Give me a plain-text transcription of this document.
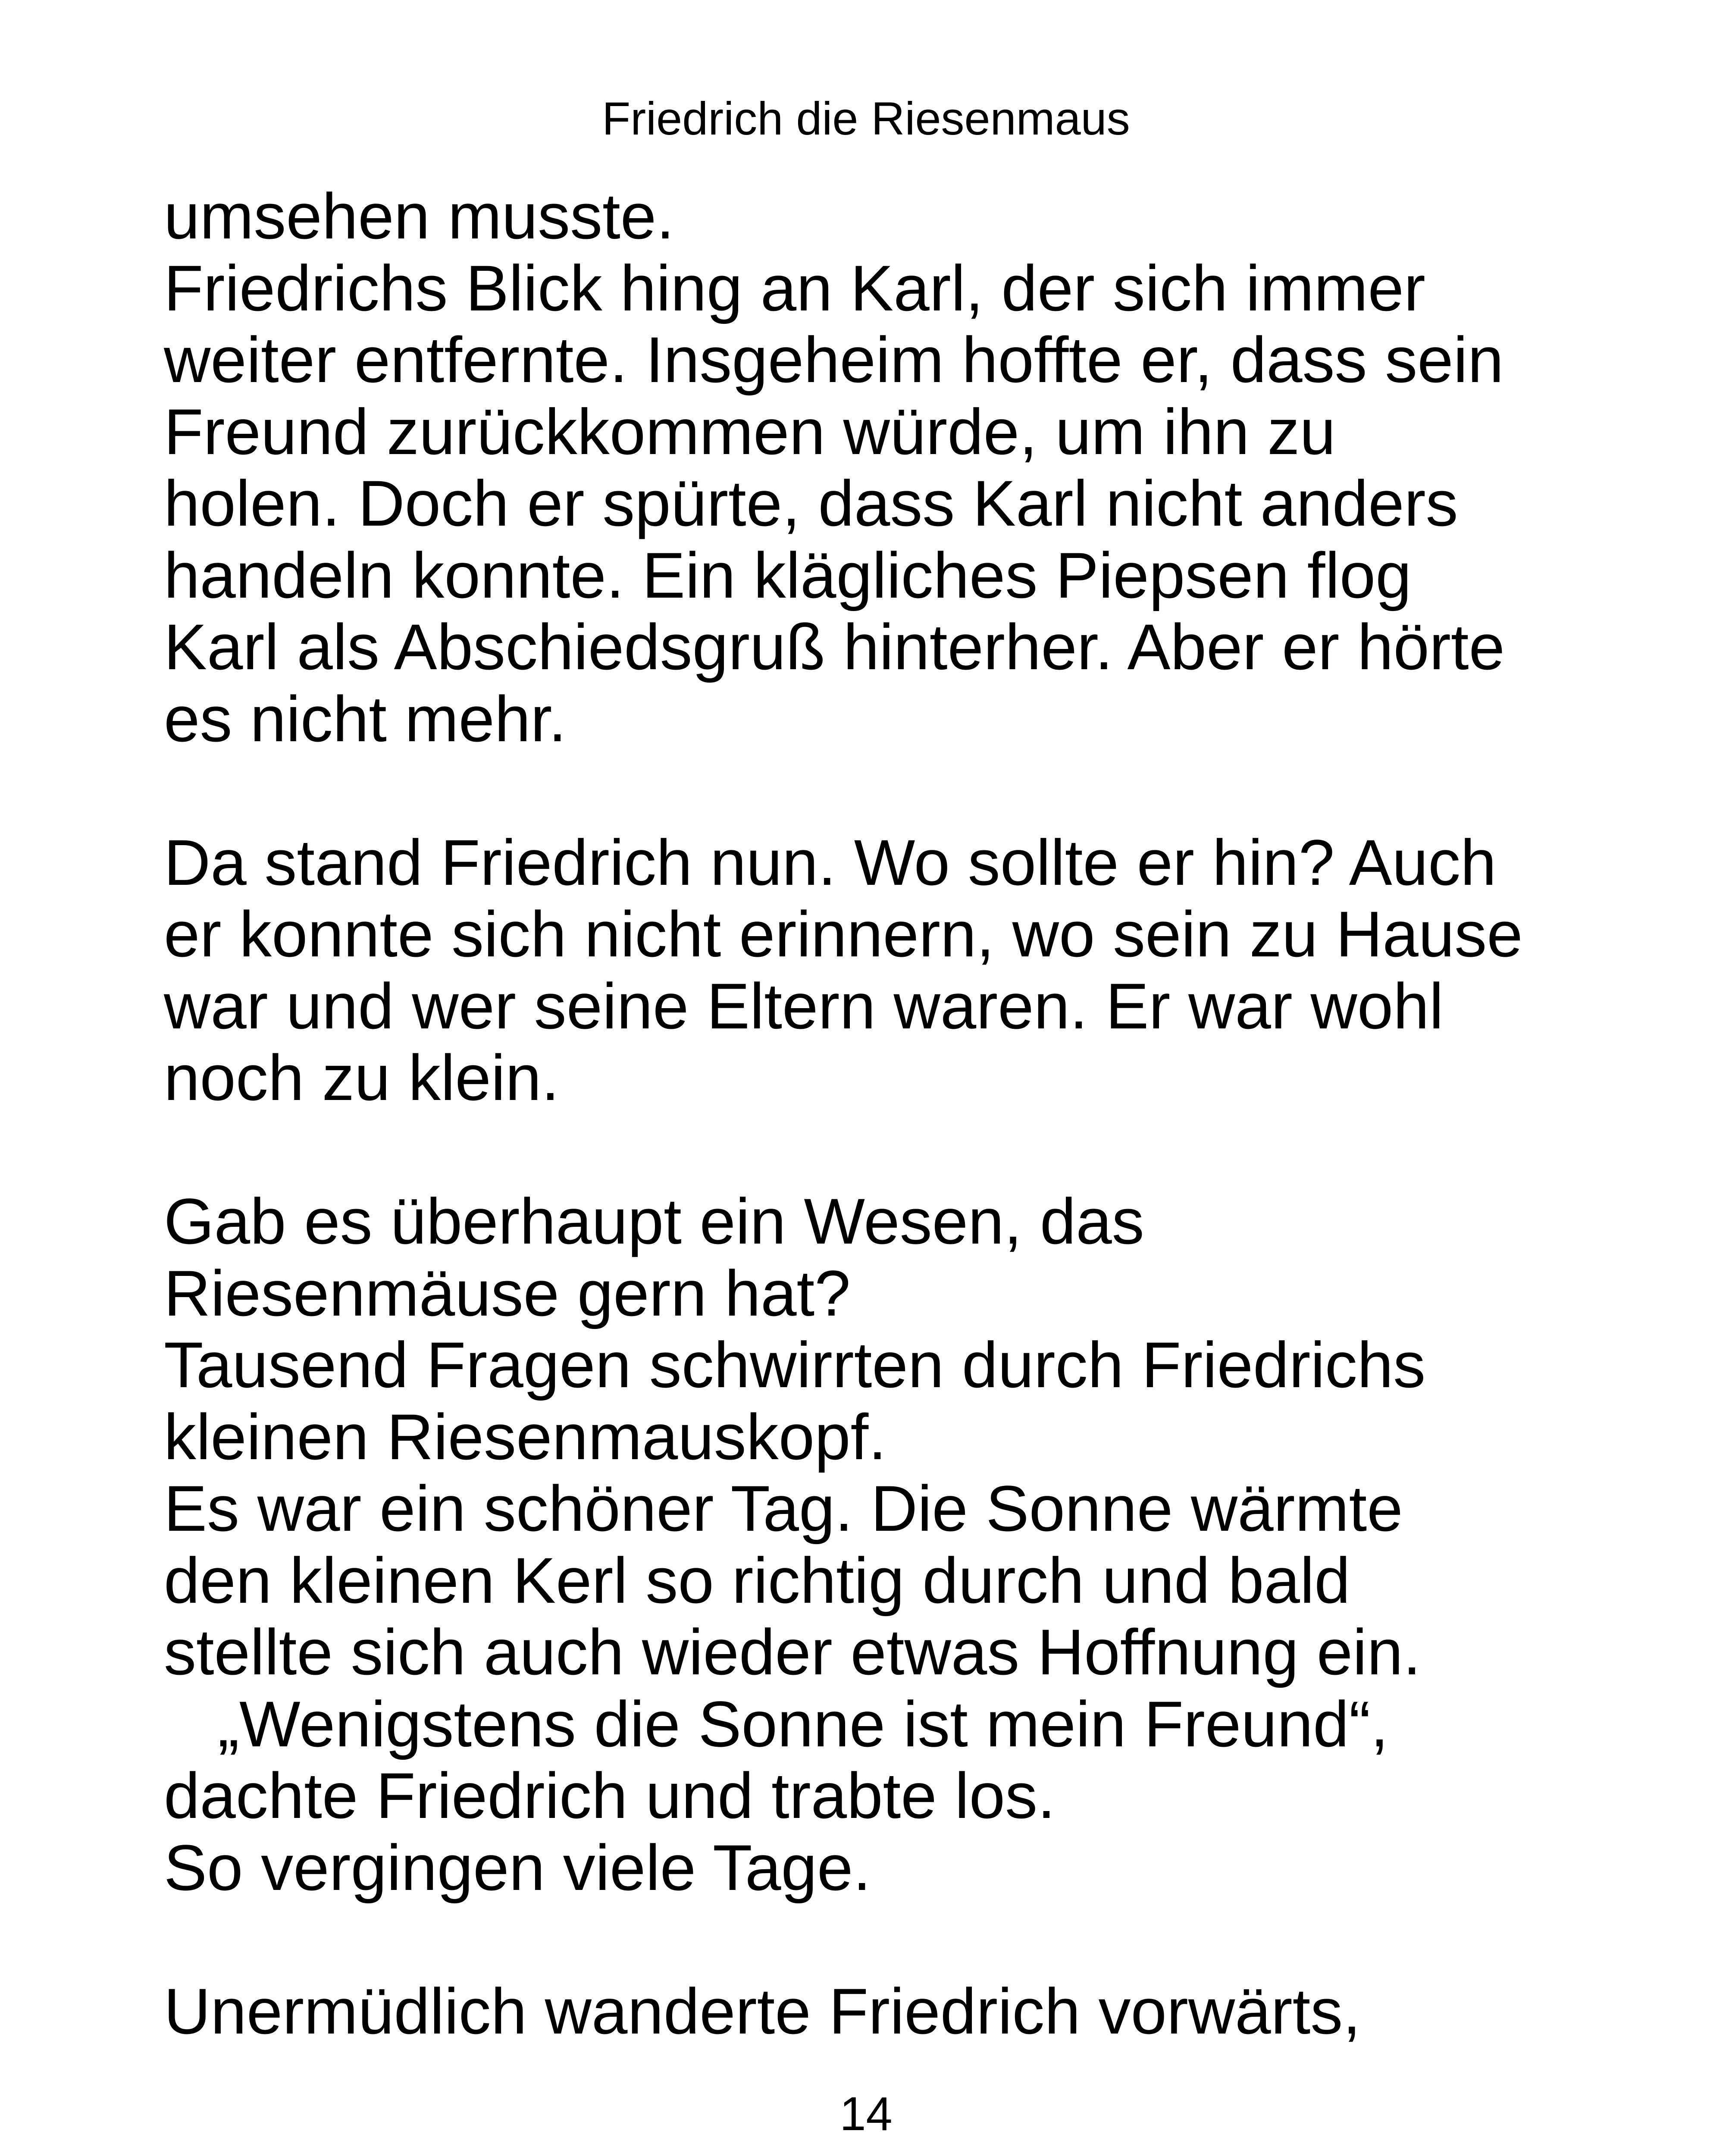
Friedrich die Riesenmaus
umsehen musste.
Friedrichs Blick hing an Karl, der sich immer
weiter entfernte. Insgeheim hoffte er, dass sein
Freund zurückkommen würde, um ihn zu
holen. Doch er spürte, dass Karl nicht anders
handeln konnte. Ein klägliches Piepsen flog
Karl als Abschiedsgruß hinterher. Aber er hörte
es nicht mehr.
Da stand Friedrich nun. Wo sollte er hin? Auch
er konnte sich nicht erinnern, wo sein zu Hause
war und wer seine Eltern waren. Er war wohl
noch zu klein.
Gab es überhaupt ein Wesen, das
Riesenmäuse gern hat?
Tausend Fragen schwirrten durch Friedrichs
kleinen Riesenmauskopf.
Es war ein schöner Tag. Die Sonne wärmte
den kleinen Kerl so richtig durch und bald
stellte sich auch wieder etwas Hoffnung ein.
„Wenigstens die Sonne ist mein Freund“,
dachte Friedrich und trabte los.
So vergingen viele Tage.
Unermüdlich wanderte Friedrich vorwärts,
14
